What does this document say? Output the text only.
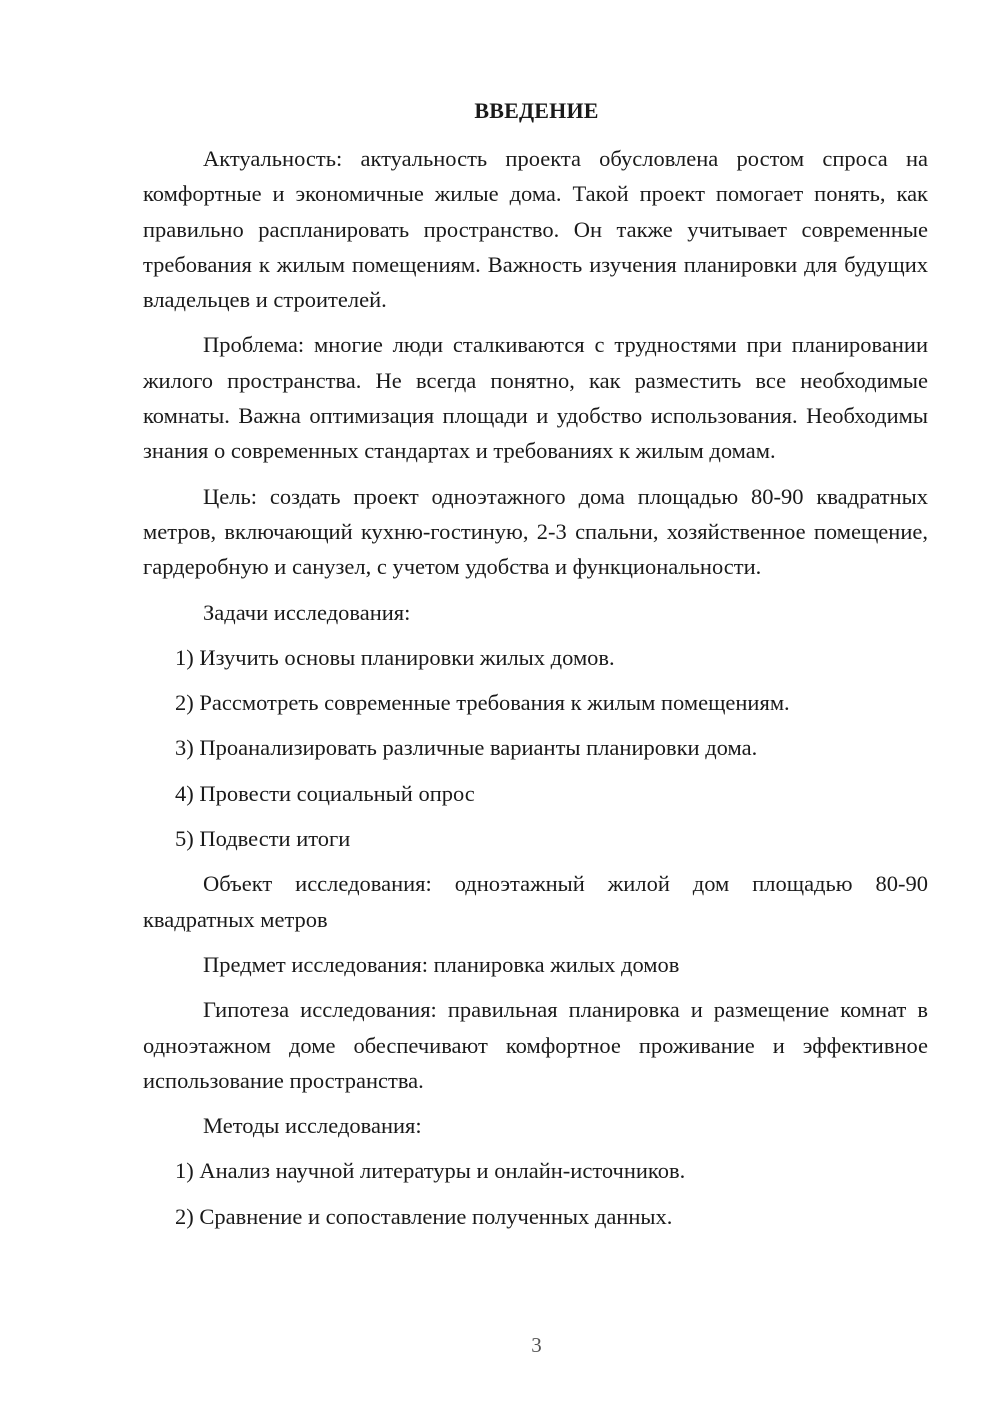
ВВЕДЕНИЕ

Актуальность: актуальность проекта обусловлена ростом спроса на комфортные и экономичные жилые дома. Такой проект помогает понять, как правильно распланировать пространство. Он также учитывает современные требования к жилым помещениям. Важность изучения планировки для будущих владельцев и строителей.

Проблема: многие люди сталкиваются с трудностями при планировании жилого пространства. Не всегда понятно, как разместить все необходимые комнаты. Важна оптимизация площади и удобство использования. Необходимы знания о современных стандартах и требованиях к жилым домам.

Цель: создать проект одноэтажного дома площадью 80-90 квадратных метров, включающий кухню-гостиную, 2-3 спальни, хозяйственное помещение, гардеробную и санузел, с учетом удобства и функциональности.

Задачи исследования:

1) Изучить основы планировки жилых домов.

2) Рассмотреть современные требования к жилым помещениям.

3) Проанализировать различные варианты планировки дома.

4) Провести социальный опрос

5) Подвести итоги

Объект исследования: одноэтажный жилой дом площадью 80-90 квадратных метров

Предмет исследования: планировка жилых домов

Гипотеза исследования: правильная планировка и размещение комнат в одноэтажном доме обеспечивают комфортное проживание и эффективное использование пространства.

Методы исследования:

1) Анализ научной литературы и онлайн-источников.

2) Сравнение и сопоставление полученных данных.

3
